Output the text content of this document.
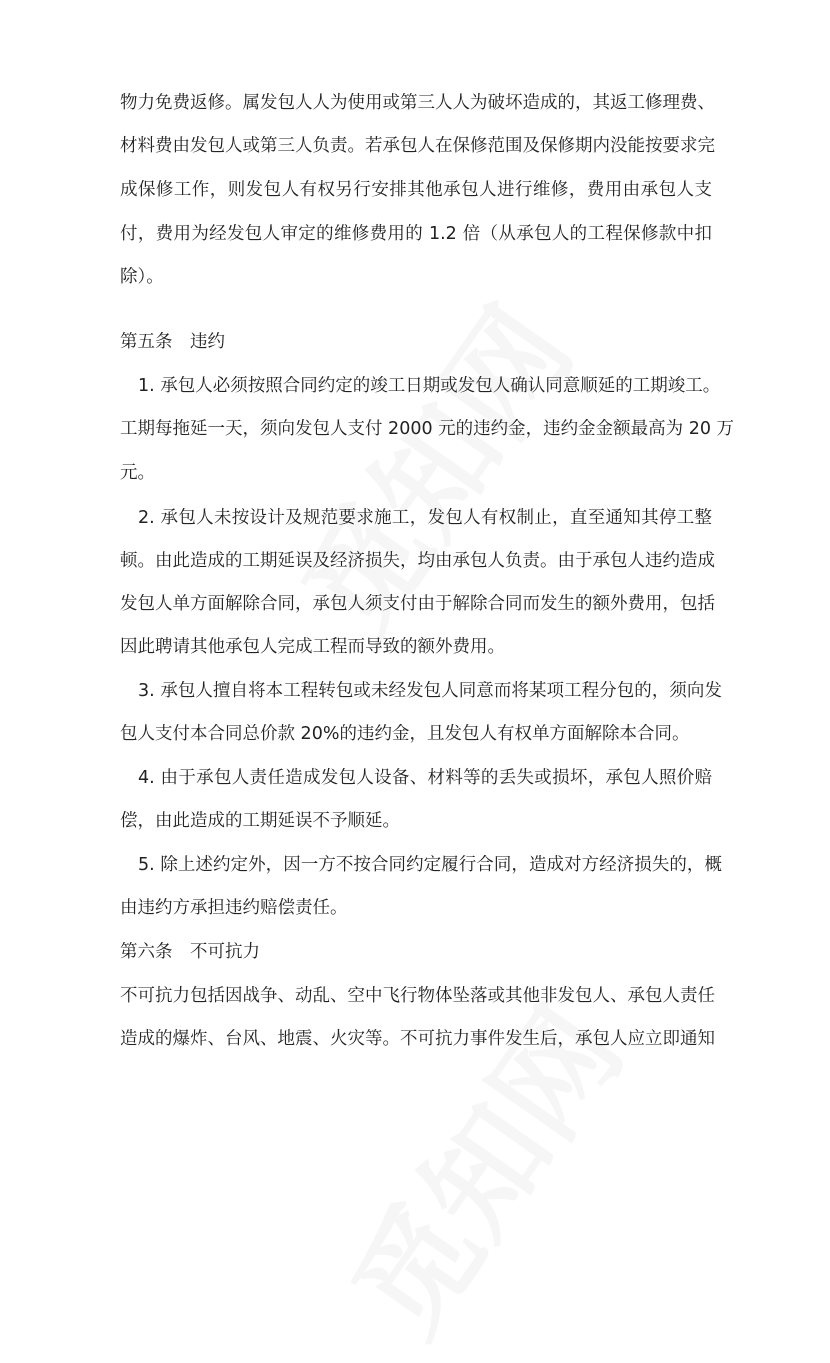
物力免费返修。属发包人人为使用或第三人人为破坏造成的，其返工修理费、
材料费由发包人或第三人负责。若承包人在保修范围及保修期内没能按要求完
成保修工作，则发包人有权另行安排其他承包人进行维修，费用由承包人支
付，费用为经发包人审定的维修费用的 1.2 倍（从承包人的工程保修款中扣
除）。
第五条　违约
1. 承包人必须按照合同约定的竣工日期或发包人确认同意顺延的工期竣工。
工期每拖延一天，须向发包人支付 2000 元的违约金，违约金金额最高为 20 万
元。
2. 承包人未按设计及规范要求施工，发包人有权制止，直至通知其停工整
顿。由此造成的工期延误及经济损失，均由承包人负责。由于承包人违约造成
发包人单方面解除合同，承包人须支付由于解除合同而发生的额外费用，包括
因此聘请其他承包人完成工程而导致的额外费用。
3. 承包人擅自将本工程转包或未经发包人同意而将某项工程分包的，须向发
包人支付本合同总价款 20%的违约金，且发包人有权单方面解除本合同。
4. 由于承包人责任造成发包人设备、材料等的丢失或损坏，承包人照价赔
偿，由此造成的工期延误不予顺延。
5. 除上述约定外，因一方不按合同约定履行合同，造成对方经济损失的，概
由违约方承担违约赔偿责任。
第六条　不可抗力
不可抗力包括因战争、动乱、空中飞行物体坠落或其他非发包人、承包人责任
造成的爆炸、台风、地震、火灾等。不可抗力事件发生后，承包人应立即通知
